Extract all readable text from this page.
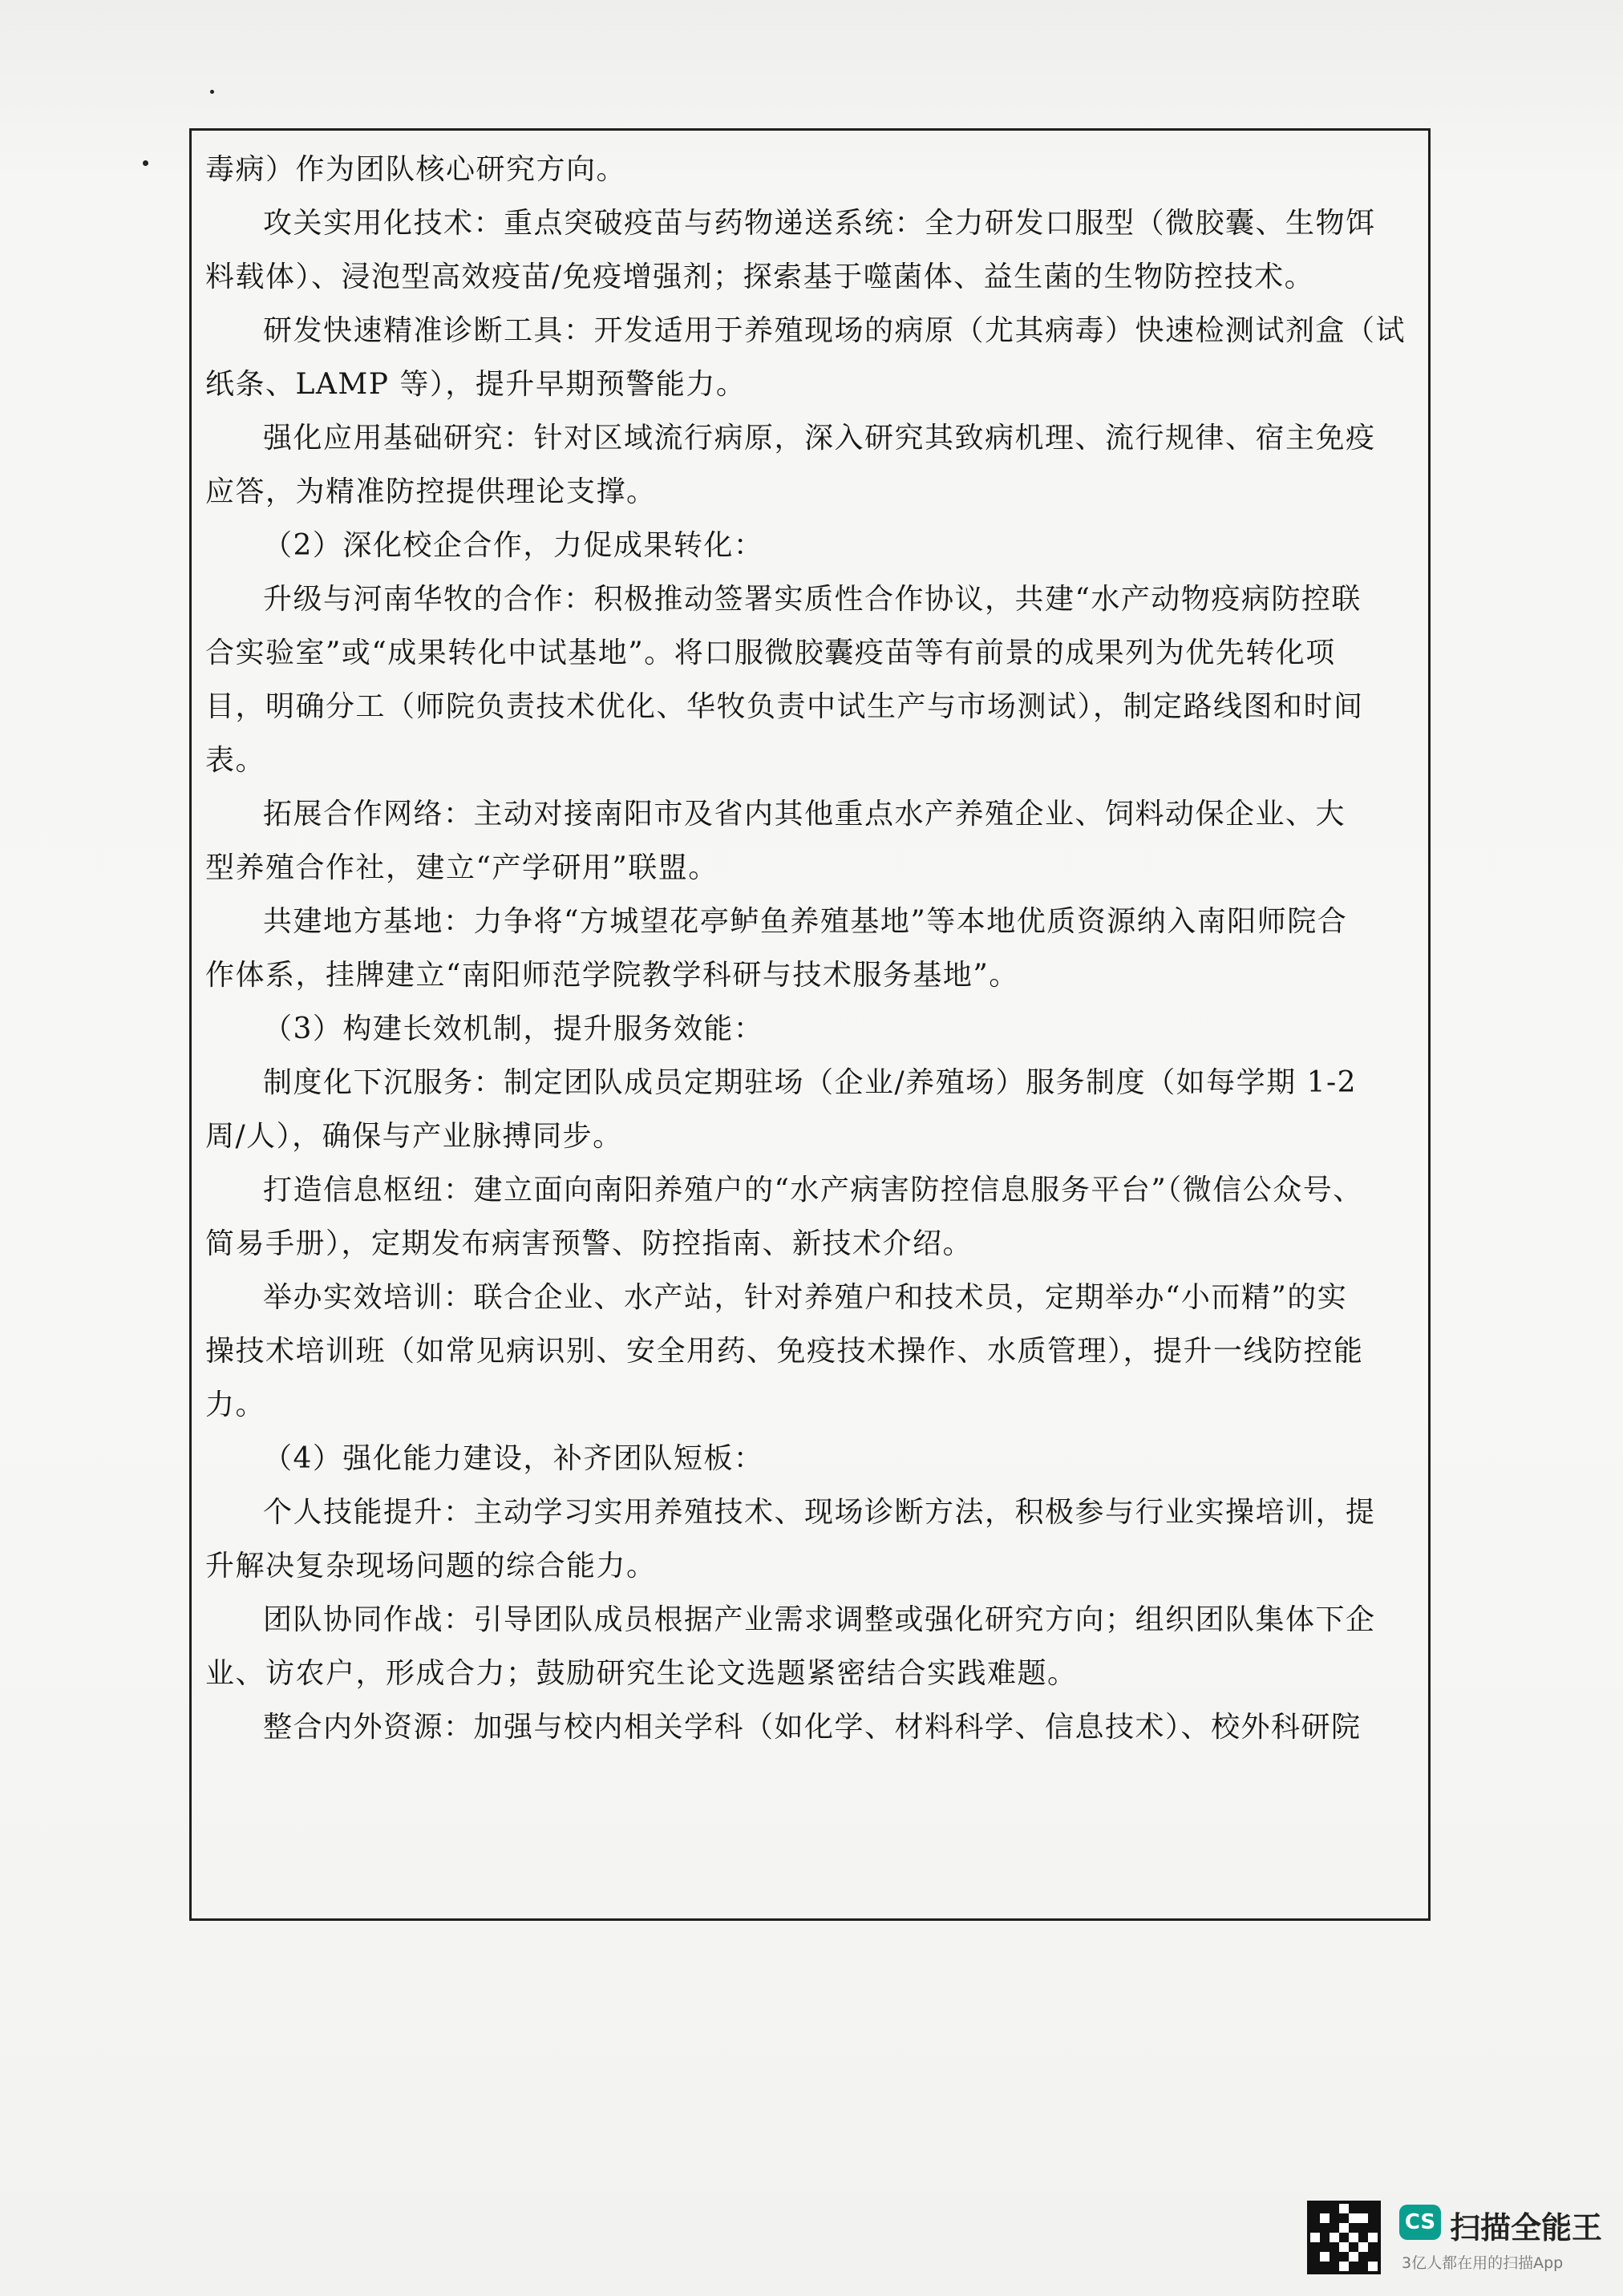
毒病）作为团队核心研究方向。
攻关实用化技术：重点突破疫苗与药物递送系统：全力研发口服型（微胶囊、生物饵
料载体）、浸泡型高效疫苗/免疫增强剂；探索基于噬菌体、益生菌的生物防控技术。
研发快速精准诊断工具：开发适用于养殖现场的病原（尤其病毒）快速检测试剂盒（试
纸条、LAMP 等），提升早期预警能力。
强化应用基础研究：针对区域流行病原，深入研究其致病机理、流行规律、宿主免疫
应答，为精准防控提供理论支撑。
（2）深化校企合作，力促成果转化：
升级与河南华牧的合作：积极推动签署实质性合作协议，共建“水产动物疫病防控联
合实验室”或“成果转化中试基地”。将口服微胶囊疫苗等有前景的成果列为优先转化项
目，明确分工（师院负责技术优化、华牧负责中试生产与市场测试），制定路线图和时间
表。
拓展合作网络：主动对接南阳市及省内其他重点水产养殖企业、饲料动保企业、大
型养殖合作社，建立“产学研用”联盟。
共建地方基地：力争将“方城望花亭鲈鱼养殖基地”等本地优质资源纳入南阳师院合
作体系，挂牌建立“南阳师范学院教学科研与技术服务基地”。
（3）构建长效机制，提升服务效能：
制度化下沉服务：制定团队成员定期驻场（企业/养殖场）服务制度（如每学期 1-2
周/人），确保与产业脉搏同步。
打造信息枢纽：建立面向南阳养殖户的“水产病害防控信息服务平台”（微信公众号、
简易手册），定期发布病害预警、防控指南、新技术介绍。
举办实效培训：联合企业、水产站，针对养殖户和技术员，定期举办“小而精”的实
操技术培训班（如常见病识别、安全用药、免疫技术操作、水质管理），提升一线防控能
力。
（4）强化能力建设，补齐团队短板：
个人技能提升：主动学习实用养殖技术、现场诊断方法，积极参与行业实操培训，提
升解决复杂现场问题的综合能力。
团队协同作战：引导团队成员根据产业需求调整或强化研究方向；组织团队集体下企
业、访农户，形成合力；鼓励研究生论文选题紧密结合实践难题。
整合内外资源：加强与校内相关学科（如化学、材料科学、信息技术）、校外科研院
CS 扫描全能王
3亿人都在用的扫描App
